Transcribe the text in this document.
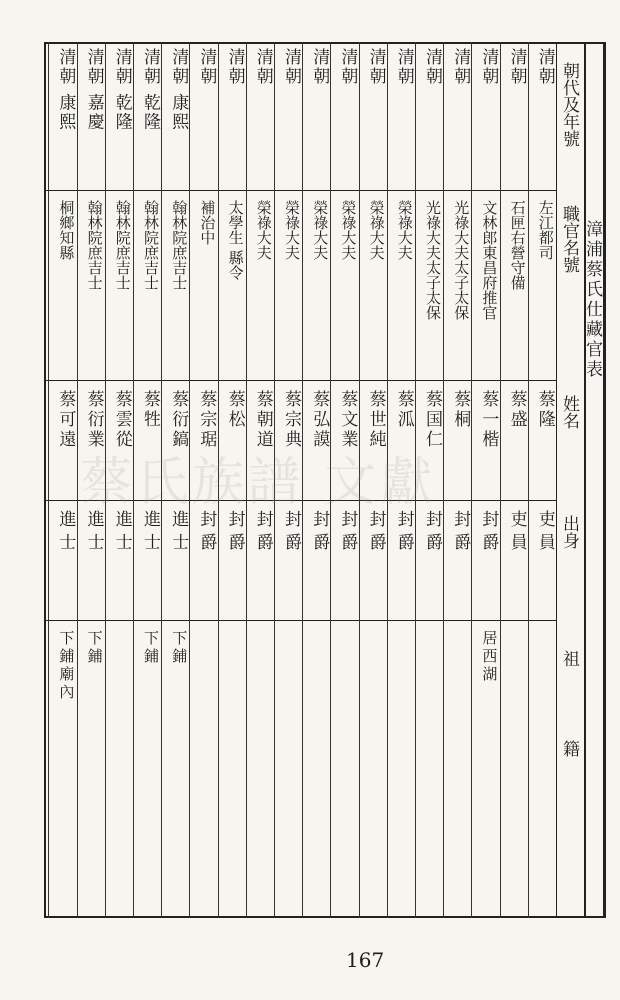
漳浦蔡氏仕藏官表
朝代及年號
職官名號
姓名
出身
祖
籍
清朝
左江都司
蔡隆
吏員
清朝
石匣右營守備
蔡盛
吏員
清朝
文林郎東昌府推官
蔡一楷
封爵
居西湖
清朝
光祿大夫太子太保
蔡桐
封爵
清朝
光祿大夫太子太保
蔡国仁
封爵
清朝
榮祿大夫
蔡泒
封爵
清朝
榮祿大夫
蔡世純
封爵
清朝
榮祿大夫
蔡文業
封爵
清朝
榮祿大夫
蔡弘謨
封爵
清朝
榮祿大夫
蔡宗典
封爵
清朝
榮祿大夫
蔡朝道
封爵
清朝
太學生 縣令
蔡松
封爵
清朝
補治中
蔡宗琚
封爵
清朝 康熙
翰林院庶吉士
蔡衍鎬
進士
下鋪
清朝 乾隆
翰林院庶吉士
蔡牲
進士
下鋪
清朝 乾隆
翰林院庶吉士
蔡雲從
進士
清朝 嘉慶
翰林院庶吉士
蔡衍業
進士
下鋪
清朝 康熙
桐鄉知縣
蔡可遠
進士
下鋪廟內
蔡氏族譜 文獻
167
